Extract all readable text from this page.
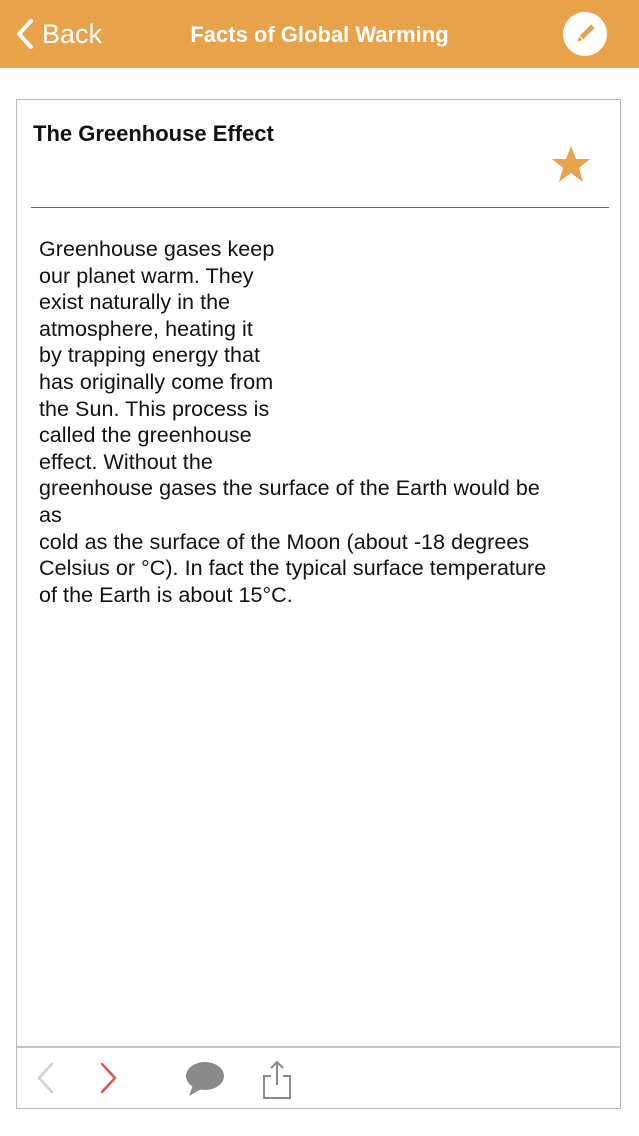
Back	Facts of Global Warming
The Greenhouse Effect
Greenhouse gases keep
our planet warm. They
exist naturally in the
atmosphere, heating it
by trapping energy that
has originally come from
the Sun. This process is
called the greenhouse
effect. Without the
greenhouse gases the surface of the Earth would be
as
cold as the surface of the Moon (about -18 degrees
Celsius or °C). In fact the typical surface temperature
of the Earth is about 15°C.
